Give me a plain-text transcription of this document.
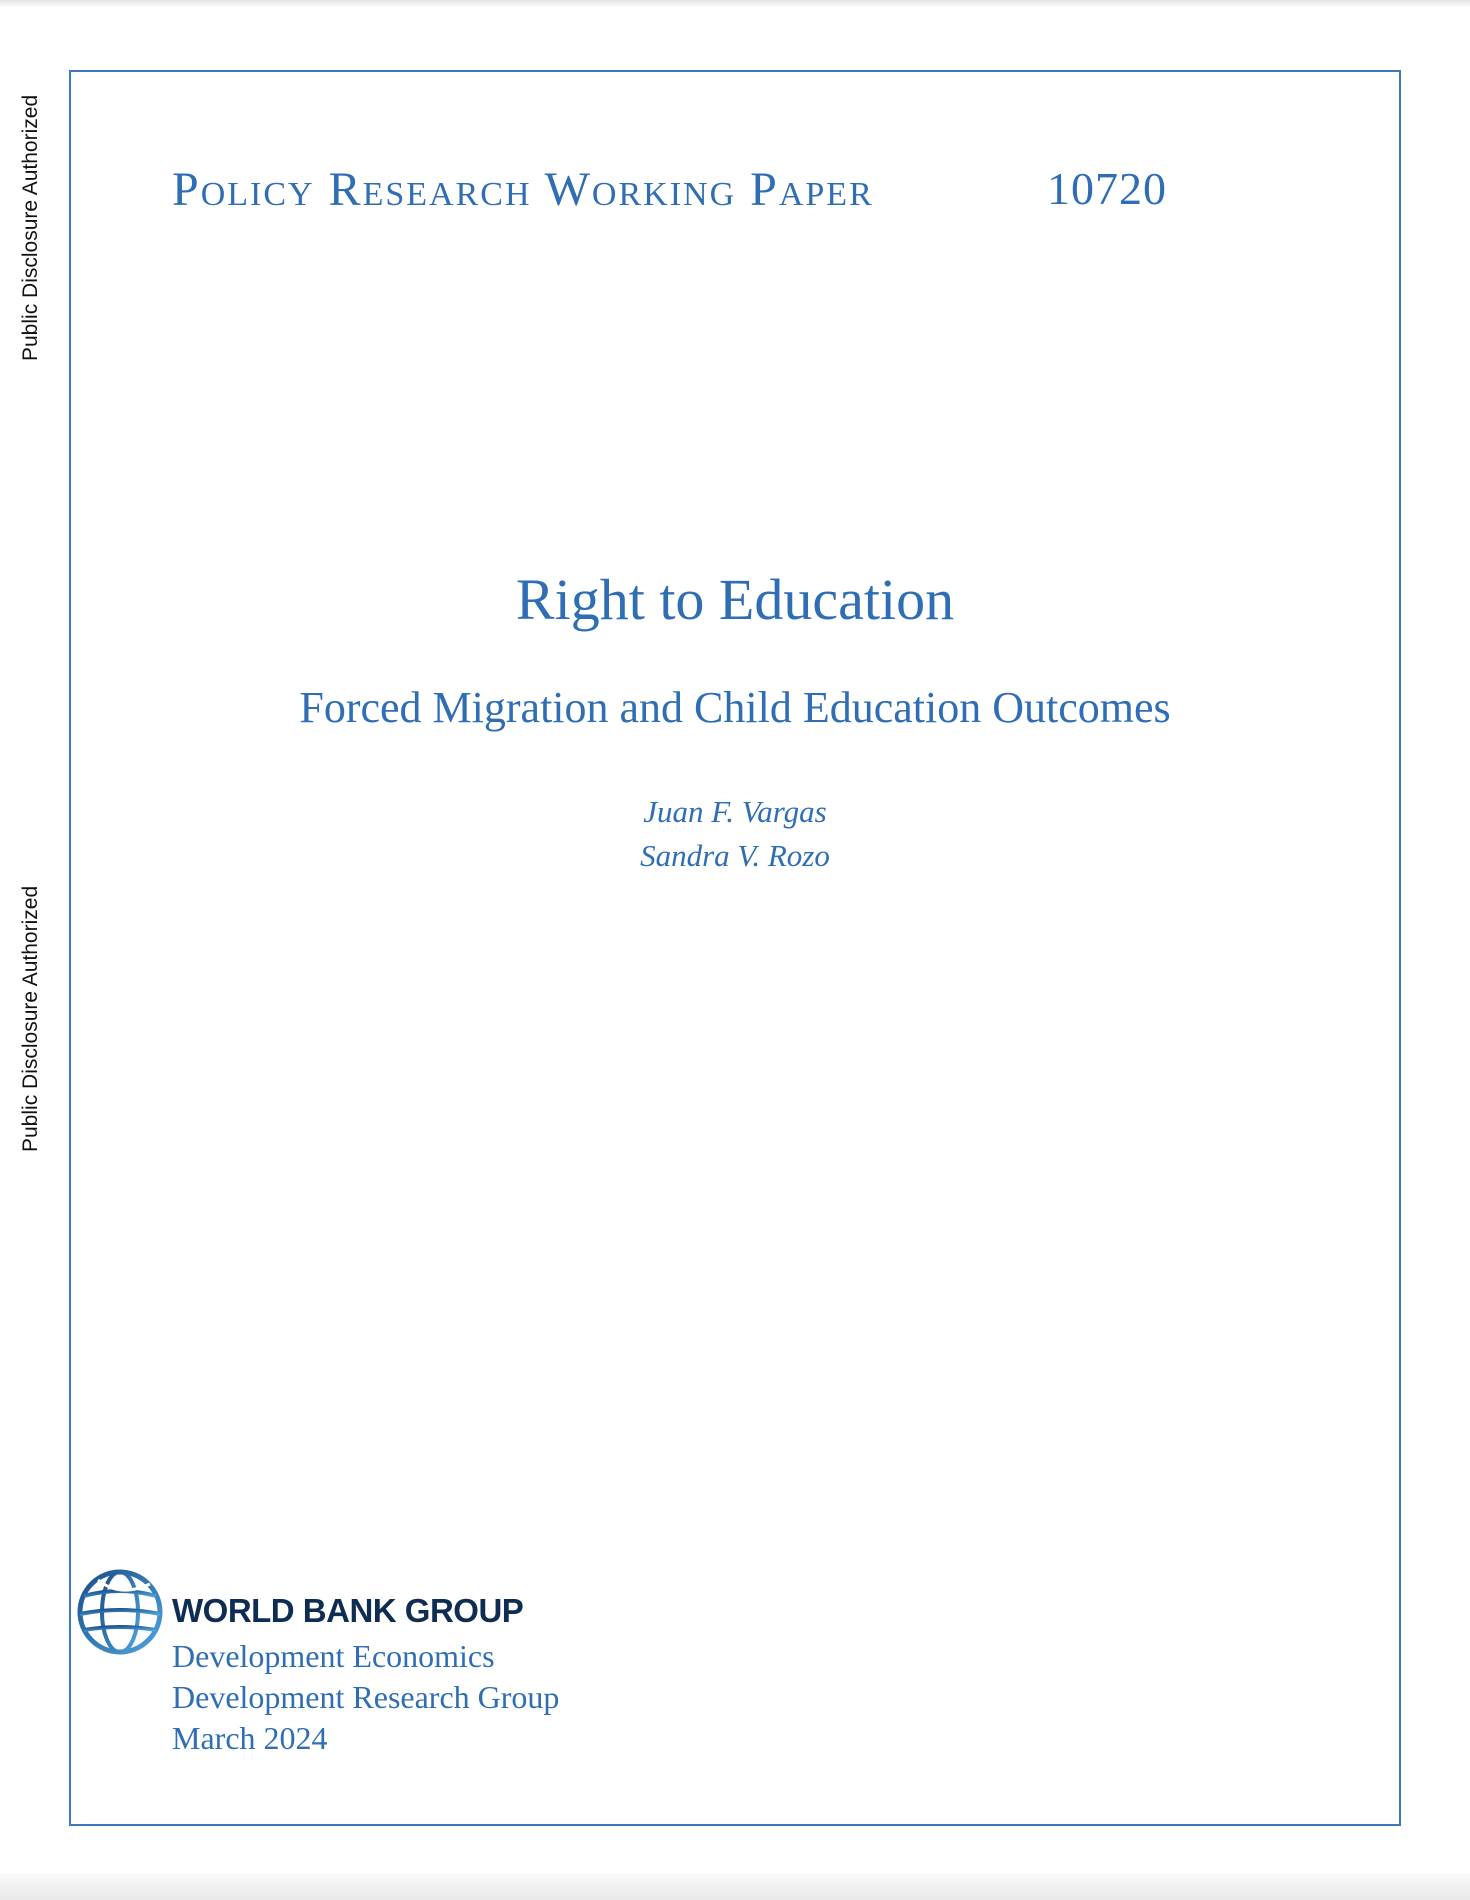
Public Disclosure Authorized
Public Disclosure Authorized
Policy Research Working Paper	10720
Right to Education
Forced Migration and Child Education Outcomes
Juan F. Vargas
Sandra V. Rozo
WORLD BANK GROUP
Development Economics
Development Research Group
March 2024
